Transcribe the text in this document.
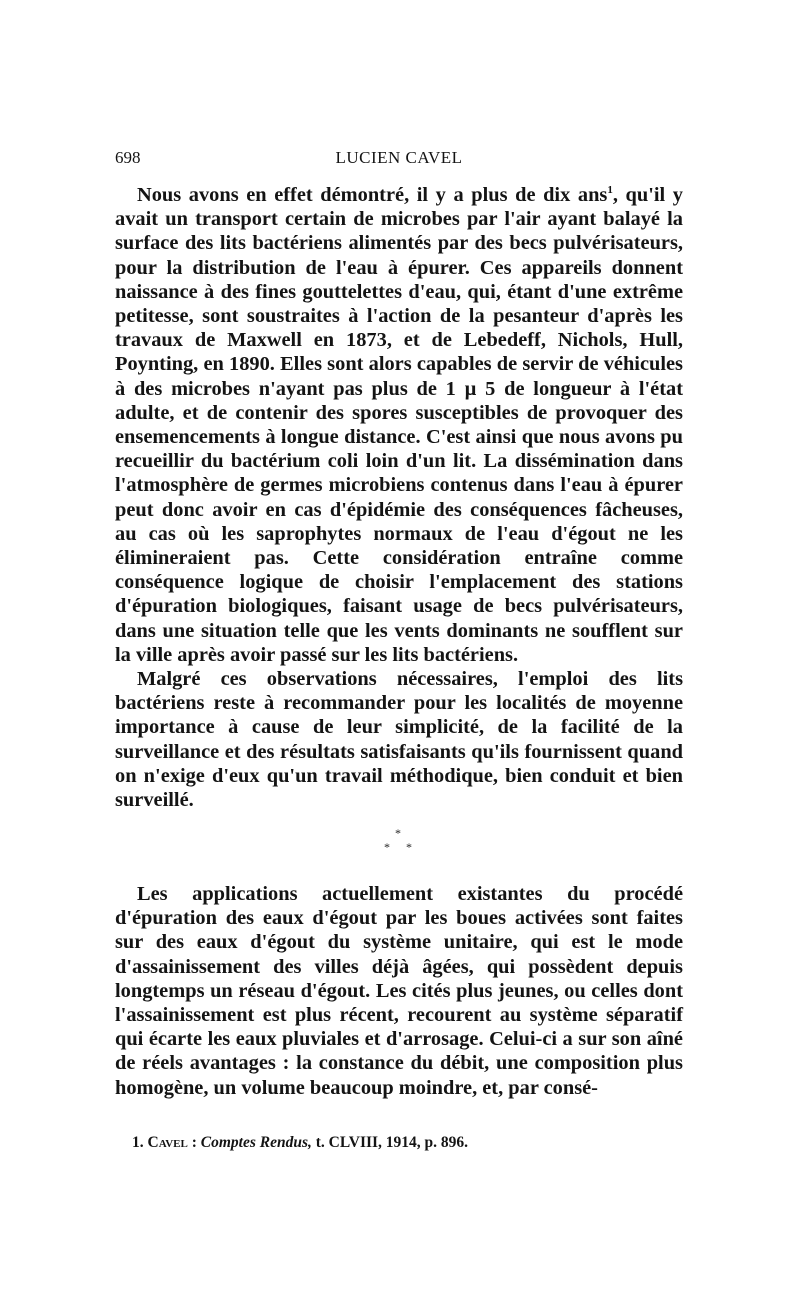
698	LUCIEN CAVEL

Nous avons en effet démontré, il y a plus de dix ans$^1$, qu'il y avait un transport certain de microbes par l'air ayant balayé la surface des lits bactériens alimentés par des becs pulvérisateurs, pour la distribution de l'eau à épurer. Ces appareils donnent naissance à des fines gouttelettes d'eau, qui, étant d'une extrême petitesse, sont soustraites à l'action de la pesanteur d'après les travaux de Maxwell en 1873, et de Lebedeff, Nichols, Hull, Poynting, en 1890. Elles sont alors capables de servir de véhicules à des microbes n'ayant pas plus de 1 µ 5 de longueur à l'état adulte, et de contenir des spores susceptibles de provoquer des ensemencements à longue distance. C'est ainsi que nous avons pu recueillir du bactérium coli loin d'un lit. La dissémination dans l'atmosphère de germes microbiens contenus dans l'eau à épurer peut donc avoir en cas d'épidémie des conséquences fâcheuses, au cas où les saprophytes normaux de l'eau d'égout ne les élimineraient pas. Cette considération entraîne comme conséquence logique de choisir l'emplacement des stations d'épuration biologiques, faisant usage de becs pulvérisateurs, dans une situation telle que les vents dominants ne soufflent sur la ville après avoir passé sur les lits bactériens.

Malgré ces observations nécessaires, l'emploi des lits bactériens reste à recommander pour les localités de moyenne importance à cause de leur simplicité, de la facilité de la surveillance et des résultats satisfaisants qu'ils fournissent quand on n'exige d'eux qu'un travail méthodique, bien conduit et bien surveillé.

*
* *

Les applications actuellement existantes du procédé d'épuration des eaux d'égout par les boues activées sont faites sur des eaux d'égout du système unitaire, qui est le mode d'assainissement des villes déjà âgées, qui possèdent depuis longtemps un réseau d'égout. Les cités plus jeunes, ou celles dont l'assainissement est plus récent, recourent au système séparatif qui écarte les eaux pluviales et d'arrosage. Celui-ci a sur son aîné de réels avantages : la constance du débit, une composition plus homogène, un volume beaucoup moindre, et, par consé-

1. Cavel : Comptes Rendus, t. CLVIII, 1914, p. 896.
